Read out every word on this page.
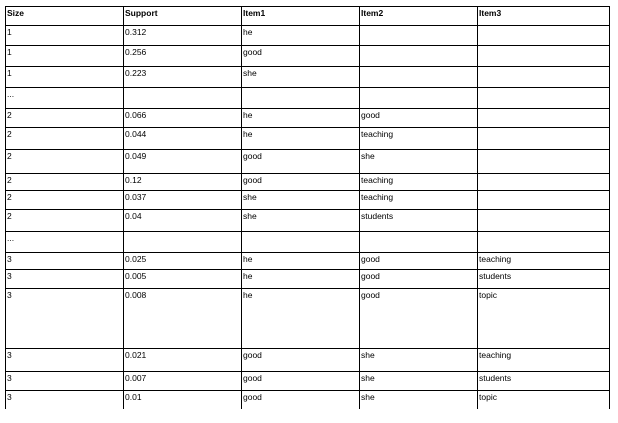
Size	Support	Item1	Item2	Item3
1	0.312	he		
1	0.256	good		
1	0.223	she		
...				
2	0.066	he	good	
2	0.044	he	teaching	
2	0.049	good	she	
2	0.12	good	teaching	
2	0.037	she	teaching	
2	0.04	she	students	
...				
3	0.025	he	good	teaching
3	0.005	he	good	students
3	0.008	he	good	topic
3	0.021	good	she	teaching
3	0.007	good	she	students
3	0.01	good	she	topic
